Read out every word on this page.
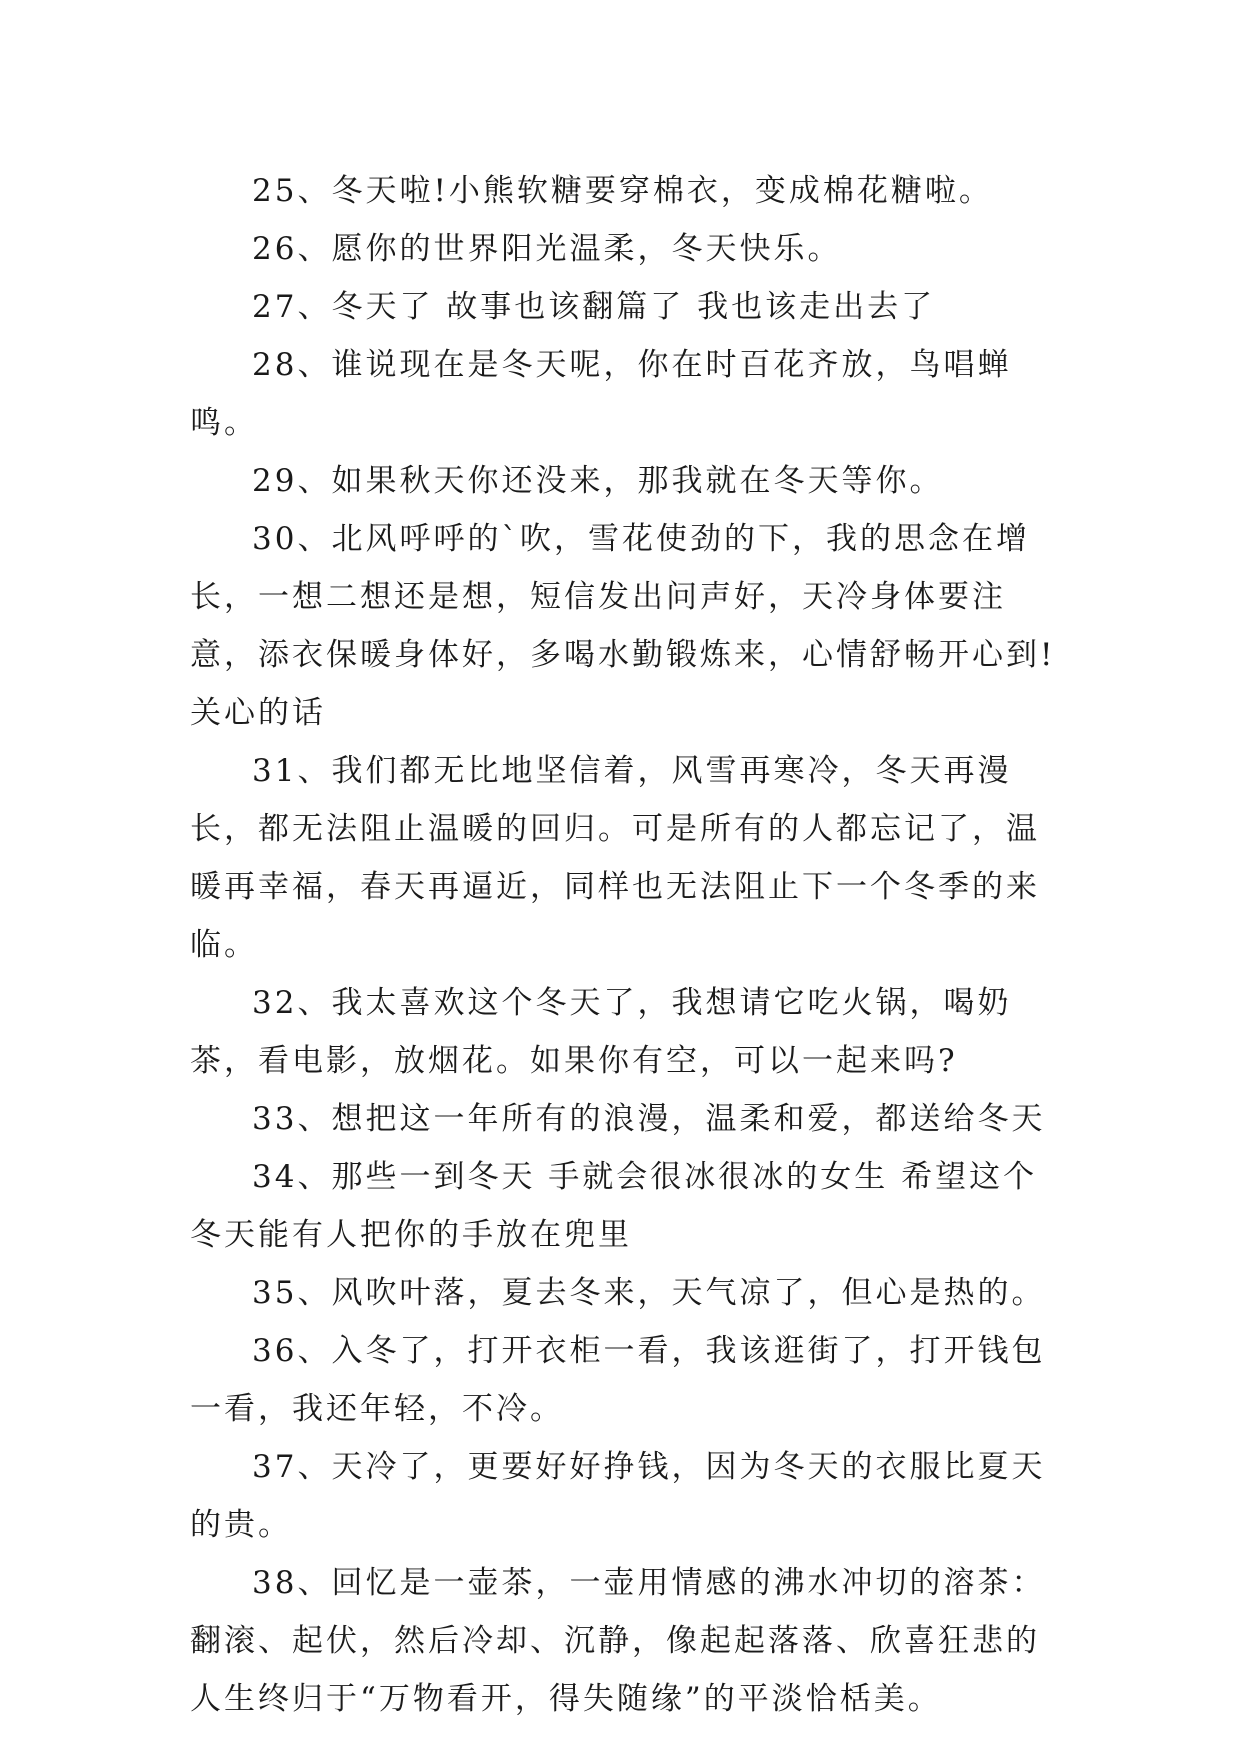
25、冬天啦!小熊软糖要穿棉衣，变成棉花糖啦。

26、愿你的世界阳光温柔，冬天快乐。

27、冬天了 故事也该翻篇了 我也该走出去了

28、谁说现在是冬天呢，你在时百花齐放，鸟唱蝉鸣。

29、如果秋天你还没来，那我就在冬天等你。

30、北风呼呼的`吹，雪花使劲的下，我的思念在增长，一想二想还是想，短信发出问声好，天冷身体要注意，添衣保暖身体好，多喝水勤锻炼来，心情舒畅开心到!关心的话

31、我们都无比地坚信着，风雪再寒冷，冬天再漫长，都无法阻止温暖的回归。可是所有的人都忘记了，温暖再幸福，春天再逼近，同样也无法阻止下一个冬季的来临。

32、我太喜欢这个冬天了，我想请它吃火锅，喝奶茶，看电影，放烟花。如果你有空，可以一起来吗?

33、想把这一年所有的浪漫，温柔和爱，都送给冬天

34、那些一到冬天 手就会很冰很冰的女生 希望这个冬天能有人把你的手放在兜里

35、风吹叶落，夏去冬来，天气凉了，但心是热的。

36、入冬了，打开衣柜一看，我该逛街了，打开钱包一看，我还年轻，不冷。

37、天冷了，更要好好挣钱，因为冬天的衣服比夏天的贵。

38、回忆是一壶茶，一壶用情感的沸水冲切的溶茶：翻滚、起伏，然后冷却、沉静，像起起落落、欣喜狂悲的人生终归于“万物看开，得失随缘”的平淡恰栝美。
